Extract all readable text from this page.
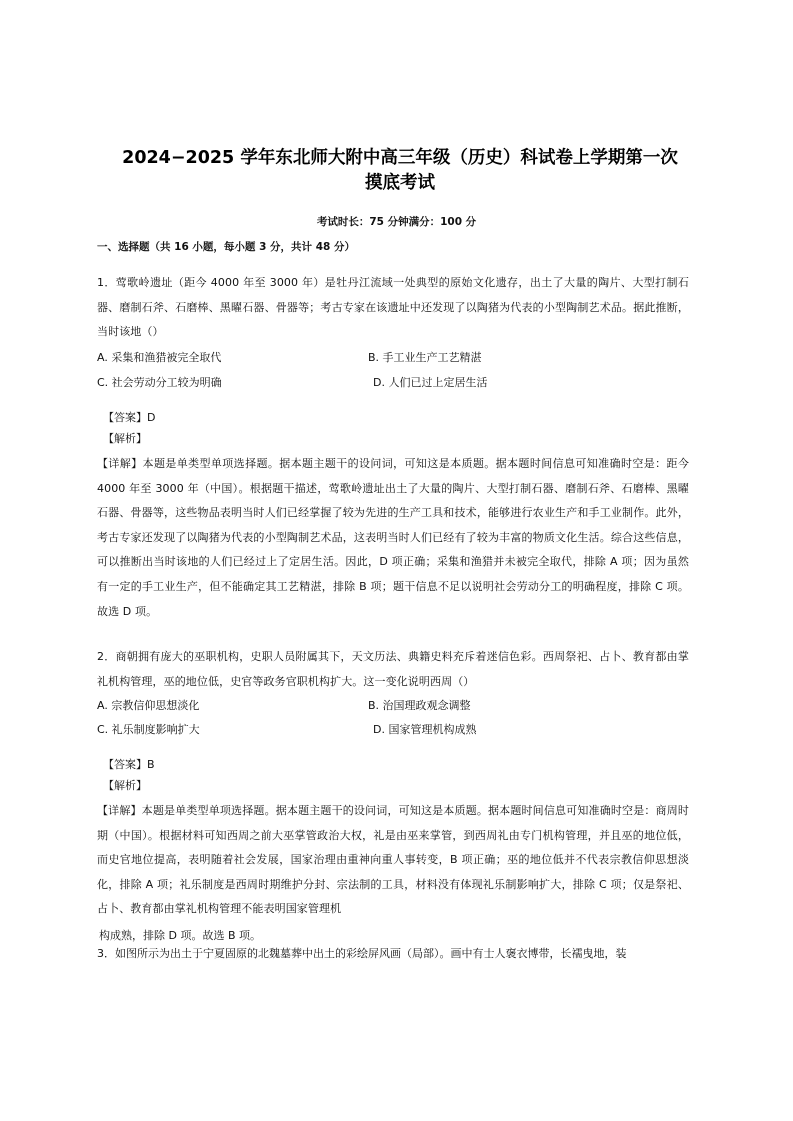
2024−2025 学年东北师大附中高三年级（历史）科试卷上学期第一次
摸底考试
考试时长：75 分钟满分：100 分
一、选择题（共 16 小题，每小题 3 分，共计 48 分）
1．莺歌岭遗址（距今 4000 年至 3000 年）是牡丹江流域一处典型的原始文化遗存，出土了大量的陶片、大型打制石器、磨制石斧、石磨棒、黑曜石器、骨器等；考古专家在该遗址中还发现了以陶猪为代表的小型陶制艺术品。据此推断，当时该地（）
A. 采集和渔猎被完全取代	B. 手工业生产工艺精湛
C. 社会劳动分工较为明确	D. 人们已过上定居生活
【答案】D
【解析】
【详解】本题是单类型单项选择题。据本题主题干的设问词，可知这是本质题。据本题时间信息可知准确时空是：距今 4000 年至 3000 年（中国）。根据题干描述，莺歌岭遗址出土了大量的陶片、大型打制石器、磨制石斧、石磨棒、黑曜石器、骨器等，这些物品表明当时人们已经掌握了较为先进的生产工具和技术，能够进行农业生产和手工业制作。此外，考古专家还发现了以陶猪为代表的小型陶制艺术品，这表明当时人们已经有了较为丰富的物质文化生活。综合这些信息，可以推断出当时该地的人们已经过上了定居生活。因此，D 项正确；采集和渔猎并未被完全取代，排除 A 项；因为虽然有一定的手工业生产，但不能确定其工艺精湛，排除 B 项；题干信息不足以说明社会劳动分工的明确程度，排除 C 项。故选 D 项。
2．商朝拥有庞大的巫职机构，史职人员附属其下，天文历法、典籍史料充斥着迷信色彩。西周祭祀、占卜、教育都由掌礼机构管理，巫的地位低，史官等政务官职机构扩大。这一变化说明西周（）
A. 宗教信仰思想淡化	B. 治国理政观念调整
C. 礼乐制度影响扩大	D. 国家管理机构成熟
【答案】B
【解析】
【详解】本题是单类型单项选择题。据本题主题干的设问词，可知这是本质题。据本题时间信息可知准确时空是：商周时期（中国）。根据材料可知西周之前大巫掌管政治大权，礼是由巫来掌管，到西周礼由专门机构管理，并且巫的地位低，而史官地位提高，表明随着社会发展，国家治理由重神向重人事转变，B 项正确；巫的地位低并不代表宗教信仰思想淡化，排除 A 项；礼乐制度是西周时期维护分封、宗法制的工具，材料没有体现礼乐制影响扩大，排除 C 项；仅是祭祀、占卜、教育都由掌礼机构管理不能表明国家管理机
构成熟，排除 D 项。故选 B 项。
3．如图所示为出土于宁夏固原的北魏墓葬中出土的彩绘屏风画（局部）。画中有士人褒衣博带，长襦曳地，装
